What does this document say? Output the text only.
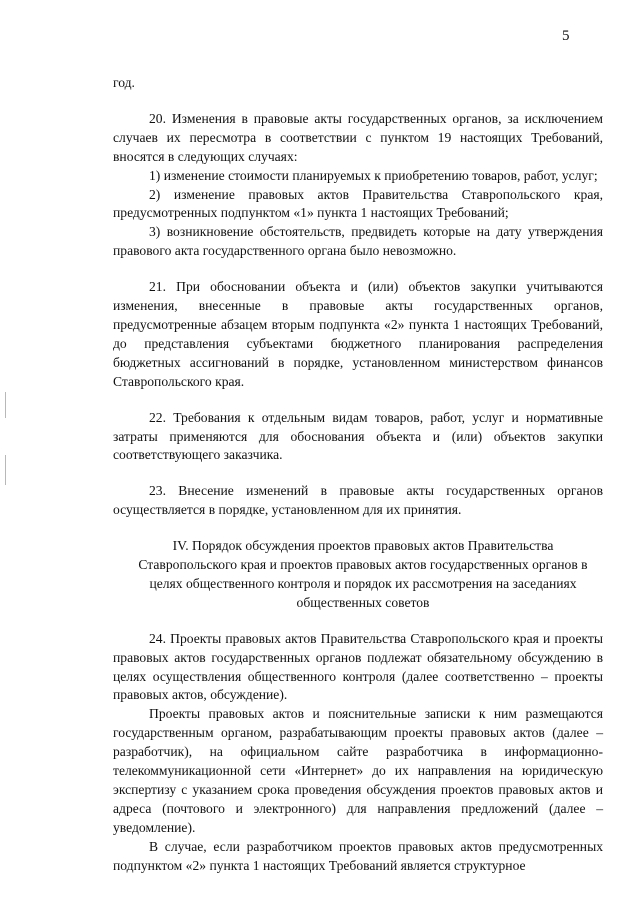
5

год.

20. Изменения в правовые акты государственных органов, за исключением случаев их пересмотра в соответствии с пунктом 19 настоящих Требований, вносятся в следующих случаях:

1) изменение стоимости планируемых к приобретению товаров, работ, услуг;

2) изменение правовых актов Правительства Ставропольского края, предусмотренных подпунктом «1» пункта 1 настоящих Требований;

3) возникновение обстоятельств, предвидеть которые на дату утверждения правового акта государственного органа было невозможно.

21. При обосновании объекта и (или) объектов закупки учитываются изменения, внесенные в правовые акты государственных органов, предусмотренные абзацем вторым подпункта «2» пункта 1 настоящих Требований, до представления субъектами бюджетного планирования распределения бюджетных ассигнований в порядке, установленном министерством финансов Ставропольского края.

22. Требования к отдельным видам товаров, работ, услуг и нормативные затраты применяются для обоснования объекта и (или) объектов закупки соответствующего заказчика.

23. Внесение изменений в правовые акты государственных органов осуществляется в порядке, установленном для их принятия.

IV. Порядок обсуждения проектов правовых актов Правительства Ставропольского края и проектов правовых актов государственных органов в целях общественного контроля и порядок их рассмотрения на заседаниях общественных советов

24. Проекты правовых актов Правительства Ставропольского края и проекты правовых актов государственных органов подлежат обязательному обсуждению в целях осуществления общественного контроля (далее соответственно – проекты правовых актов, обсуждение).

Проекты правовых актов и пояснительные записки к ним размещаются государственным органом, разрабатывающим проекты правовых актов (далее – разработчик), на официальном сайте разработчика в информационно-телекоммуникационной сети «Интернет» до их направления на юридическую экспертизу с указанием срока проведения обсуждения проектов правовых актов и адреса (почтового и электронного) для направления предложений (далее – уведомление).

В случае, если разработчиком проектов правовых актов предусмотренных подпунктом «2» пункта 1 настоящих Требований является структурное
